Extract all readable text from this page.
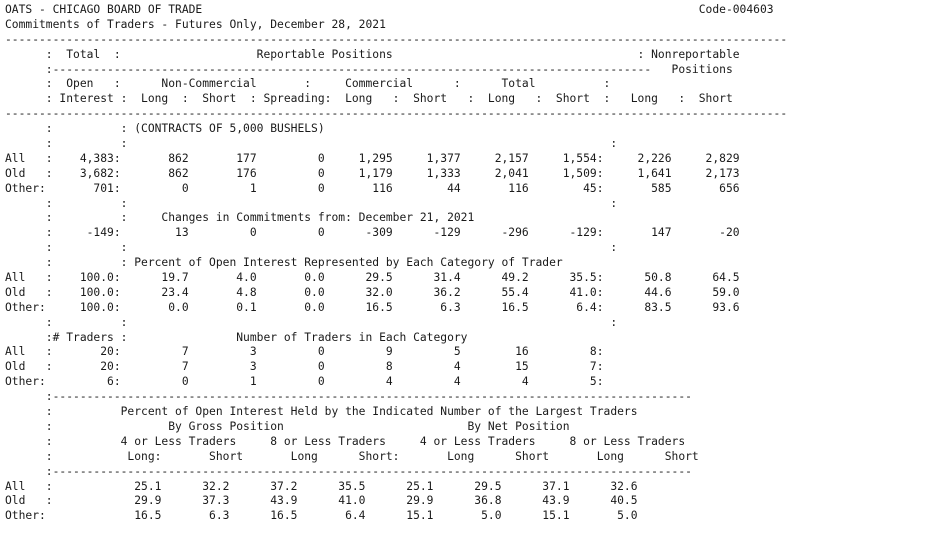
OATS - CHICAGO BOARD OF TRADE                                                                         Code-004603
Commitments of Traders - Futures Only, December 28, 2021
-------------------------------------------------------------------------------------------------------------------
:  Total  :                    Reportable Positions                                    : Nonreportable
:----------------------------------------------------------------------------------------   Positions
:  Open   :      Non-Commercial       :     Commercial      :      Total          :
: Interest :  Long  :  Short  : Spreading:  Long   :  Short   :  Long   :  Short  :   Long   :  Short
-------------------------------------------------------------------------------------------------------------------
:          : (CONTRACTS OF 5,000 BUSHELS)
:          :                                                                       :
All   :    4,383:       862       177         0     1,295     1,377     2,157     1,554:     2,226     2,829
Old   :    3,682:       862       176         0     1,179     1,333     2,041     1,509:     1,641     2,173
Other:       701:         0         1         0       116        44       116        45:       585       656
:          :                                                                       :
:          :     Changes in Commitments from: December 21, 2021
:     -149:        13         0         0      -309      -129      -296      -129:       147       -20
:          :                                                                       :
:          : Percent of Open Interest Represented by Each Category of Trader
All   :    100.0:      19.7       4.0       0.0      29.5      31.4      49.2      35.5:      50.8      64.5
Old   :    100.0:      23.4       4.8       0.0      32.0      36.2      55.4      41.0:      44.6      59.0
Other:     100.0:       0.0       0.1       0.0      16.5       6.3      16.5       6.4:      83.5      93.6
:          :                                                                       :
:# Traders :                Number of Traders in Each Category
All   :       20:         7         3         0         9         5        16         8:
Old   :       20:         7         3         0         8         4        15         7:
Other:         6:         0         1         0         4         4         4         5:
:----------------------------------------------------------------------------------------------
:          Percent of Open Interest Held by the Indicated Number of the Largest Traders
:                 By Gross Position                           By Net Position
:          4 or Less Traders     8 or Less Traders     4 or Less Traders     8 or Less Traders
:           Long:       Short       Long      Short:       Long      Short       Long      Short
:----------------------------------------------------------------------------------------------
All   :            25.1      32.2      37.2      35.5      25.1      29.5      37.1      32.6
Old   :            29.9      37.3      43.9      41.0      29.9      36.8      43.9      40.5
Other:             16.5       6.3      16.5       6.4      15.1       5.0      15.1       5.0
